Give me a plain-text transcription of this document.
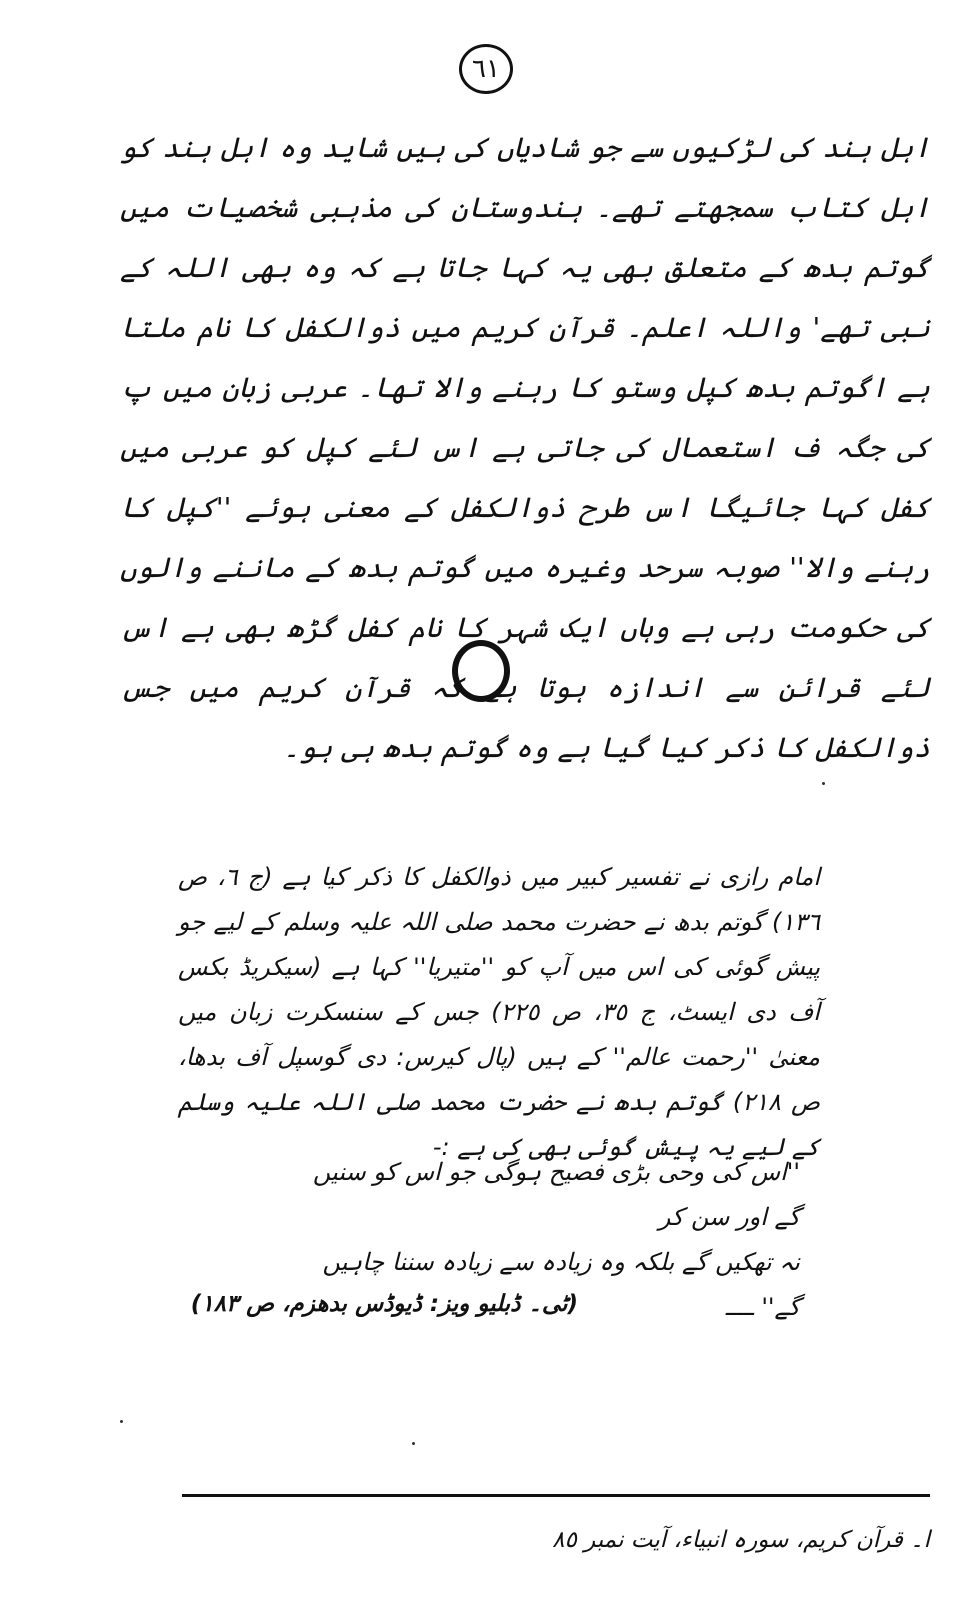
٦١

اہل ہند کی لڑکیوں سے جو شادیاں کی ہیں شاید وہ اہل ہند کو اہل کتاب سمجھتے تھے۔ ہندوستان کی مذہبی شخصیات میں گوتم بدھ کے متعلق بھی یہ کہا جاتا ہے کہ وہ بھی اللہ کے نبی تھے' واللہ اعلم۔ قرآن کریم میں ذوالکفل کا نام ملتا ہے اگوتم بدھ کپل وستو کا رہنے والا تھا۔ عربی زبان میں پ کی جگہ ف استعمال کی جاتی ہے اس لئے کپل کو عربی میں کفل کہا جائیگا اس طرح ذوالکفل کے معنی ہوئے ''کپل کا رہنے والا'' صوبہ سرحد وغیرہ میں گوتم بدھ کے ماننے والوں کی حکومت رہی ہے وہاں ایک شہر کا نام کفل گڑھ بھی ہے اس لئے قرائن سے اندازہ ہوتا ہے کہ قرآن کریم میں جس ذوالکفل کا ذکر کیا گیا ہے وہ گوتم بدھ ہی ہو۔

امام رازی نے تفسیر کبیر میں ذوالکفل کا ذکر کیا ہے (ج ٦، ص ١٣٦) گوتم بدھ نے حضرت محمد صلی اللہ علیہ وسلم کے لیے جو پیش گوئی کی اس میں آپ کو ''متیریا'' کہا ہے (سیکریڈ بکس آف دی ایسٹ، ج ٣٥، ص ٢٢٥) جس کے سنسکرت زبان میں معنیٰ ''رحمت عالم'' کے ہیں (پال کیرس: دی گوسپل آف بدھا، ص ٢١٨) گوتم بدھ نے حضرت محمد صلی اللہ علیہ وسلم کے لیے یہ پیش گوئی بھی کی ہے :-

''اس کی وحی بڑی فصیح ہوگی جو اس کو سنیں گے اور سن کر

نہ تھکیں گے بلکہ وہ زیادہ سے زیادہ سننا چاہیں گے'' ــــ

(ٹی۔ ڈبلیو ویز: ڈیوڈس بدھزم، ص ١٨٣)
ا۔ قرآن کریم، سورہ انبیاء، آیت نمبر ٨٥
